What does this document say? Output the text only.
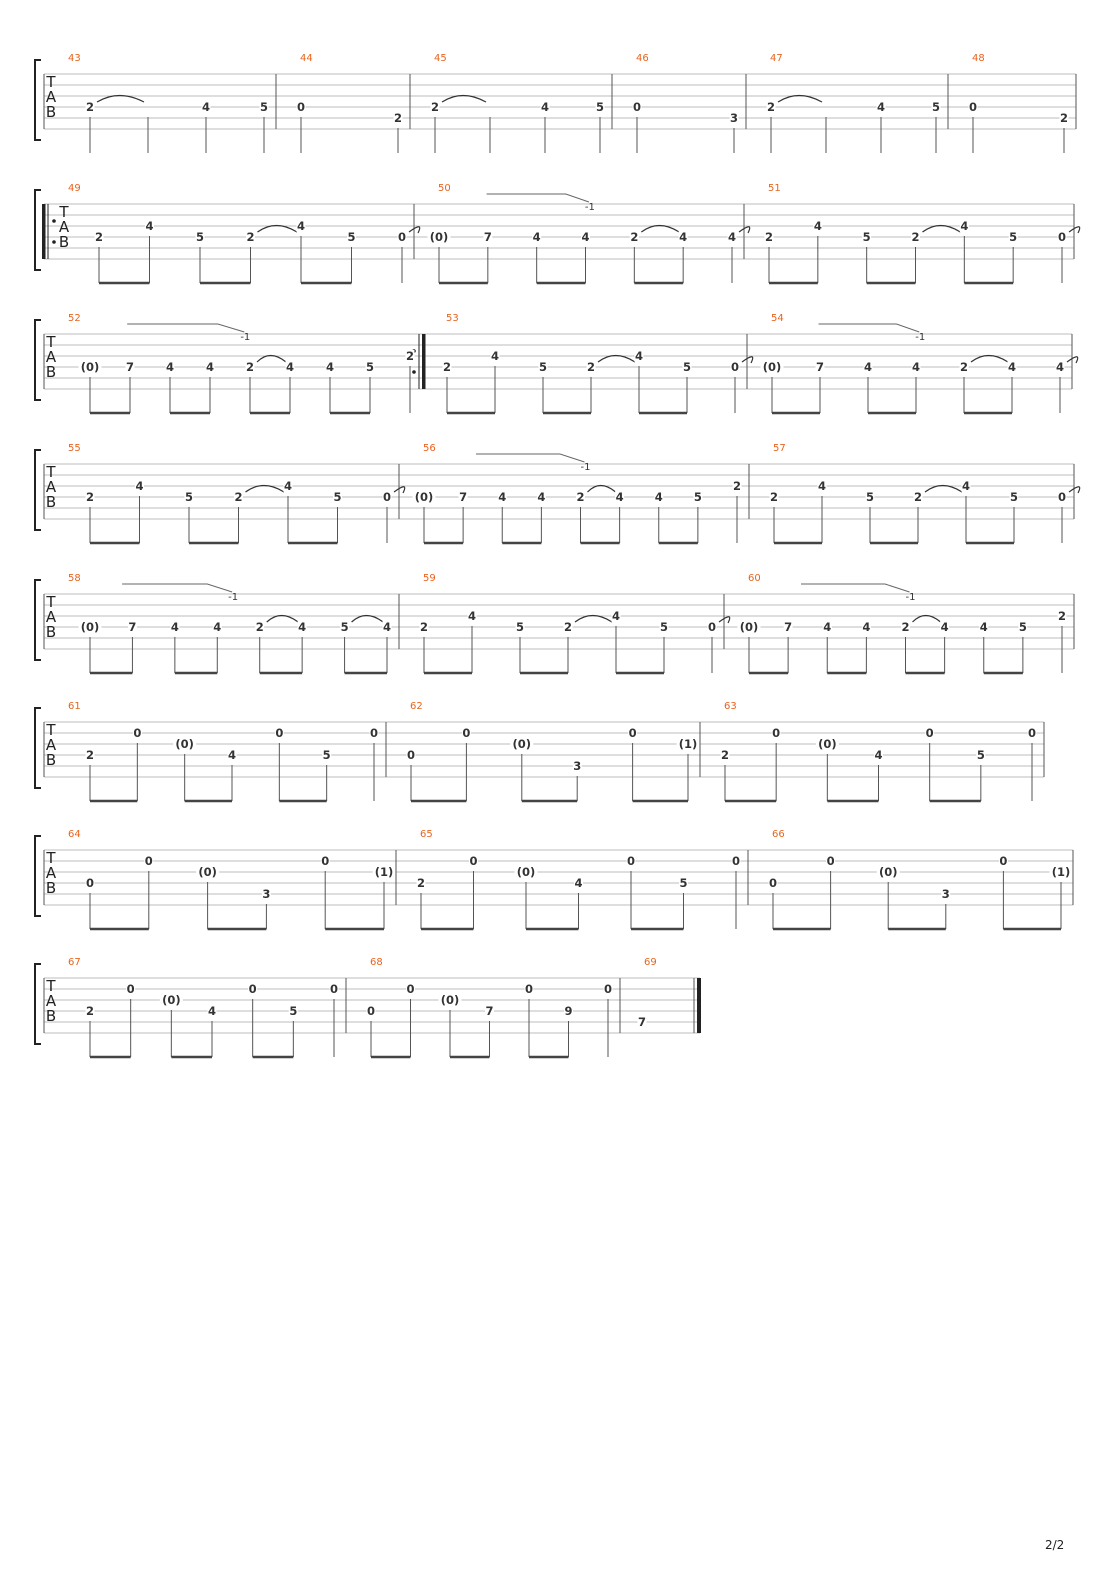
T
A
B
43
2	4	5
44
0
2
45
2	4	5
46
0
3
47
2	4	5
48
0
2
T
A
B
49
2
4
5	2
4
5	0
50
-1
(0)	7	4	4	2	4	4
51
2
4
5	2
4
5	0
T
A
B
52
-1
(0) 7	4	4	2	4	4	5
2
53
2
4
5	2
4
5	0
54
-1
(0)	7	4	4	2	4	4
T
A
B
55
2
4
5	2
4
5	0
56
-1
(0) 7	4	4	2	4	4	5
2
57
2
4
5	2
4
5	0
T
A
B
58
-1
(0)	7	4	4	2	4	5	4
59
2
4
5	2
4
5	0
60
-1
(0) 7	4	4	2	4	4	5
2
T
A
B
61
2
0
(0)
4
0
5
0
62
0
0
(0)
3
0
(1)
63
2
0
(0)
4
0
5
0
T
A
B
64
0
0
(0)
3
0
(1)
65
2
0
(0)
4
0
5
0
66
0
0
(0)
3
0
(1)
T
A
B
67
2
0
(0)
4
0
5
0
68
0
0
(0)
7
0
9
0
69
7
2/2
